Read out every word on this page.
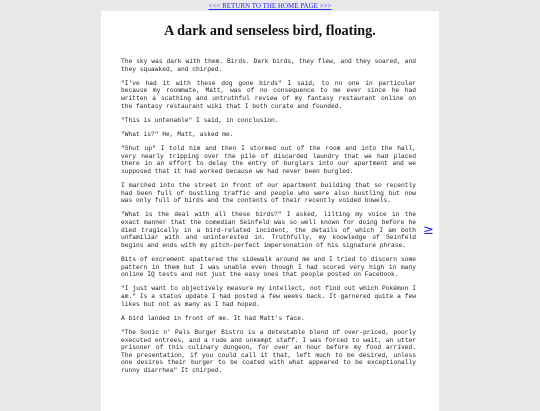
<<< RETURN TO THE HOME PAGE >>>
A dark and senseless bird, floating.

The sky was dark with them. Birds. Dark birds, they flew, and they soared, and they squawked, and chirped.

"I've had it with these dog gone birds" I said, to no one in particular because my roommate, Matt, was of no consequence to me ever since he had written a scathing and untruthful review of my fantasy restaurant online on the fantasy restaurant wiki that I both curate and founded.

"This is untenable" I said, in conclusion.

"What is?" He, Matt, asked me.

"Shut up" I told him and then I stormed out of the room and into the hall, very nearly tripping over the pile of discarded laundry that we had placed there in an effort to delay the entry of burglars into our apartment and we supposed that it had worked because we had never been burgled.

I marched into the street in front of our apartment building that so recently had been full of bustling traffic and people who were also bustling but now was only full of birds and the contents of their recently voided bowels.

"What is the deal with all these birds?" I asked, lilting my voice in the exact manner that the comedian Seinfeld was so well known for doing before he died tragically in a bird-related incident, the details of which I am both unfamiliar with and uninterested in. Truthfully, my knowledge of Seinfeld begins and ends with my pitch-perfect impersonation of his signature phrase.

Bits of excrement spattered the sidewalk around me and I tried to discern some pattern in them but I was unable even though I had scored very high in many online IQ tests and not just the easy ones that people posted on Facebook.

"I just want to objectively measure my intellect, not find out which Pokémon I am." Is a status update I had posted a few weeks back. It garnered quite a few likes but not as many as I had hoped.

A bird landed in front of me. It had Matt's face.

"The Sonic n' Pals Burger Bistro is a detestable blend of over-priced, poorly executed entrees, and a rude and unkempt staff. I was forced to wait, an utter prisoner of this culinary dungeon, for over an hour before my food arrived. The presentation, if you could call it that, left much to be desired, unless one desires their burger to be coated with what appeared to be exceptionally runny diarrhea" It chirped.

≥
